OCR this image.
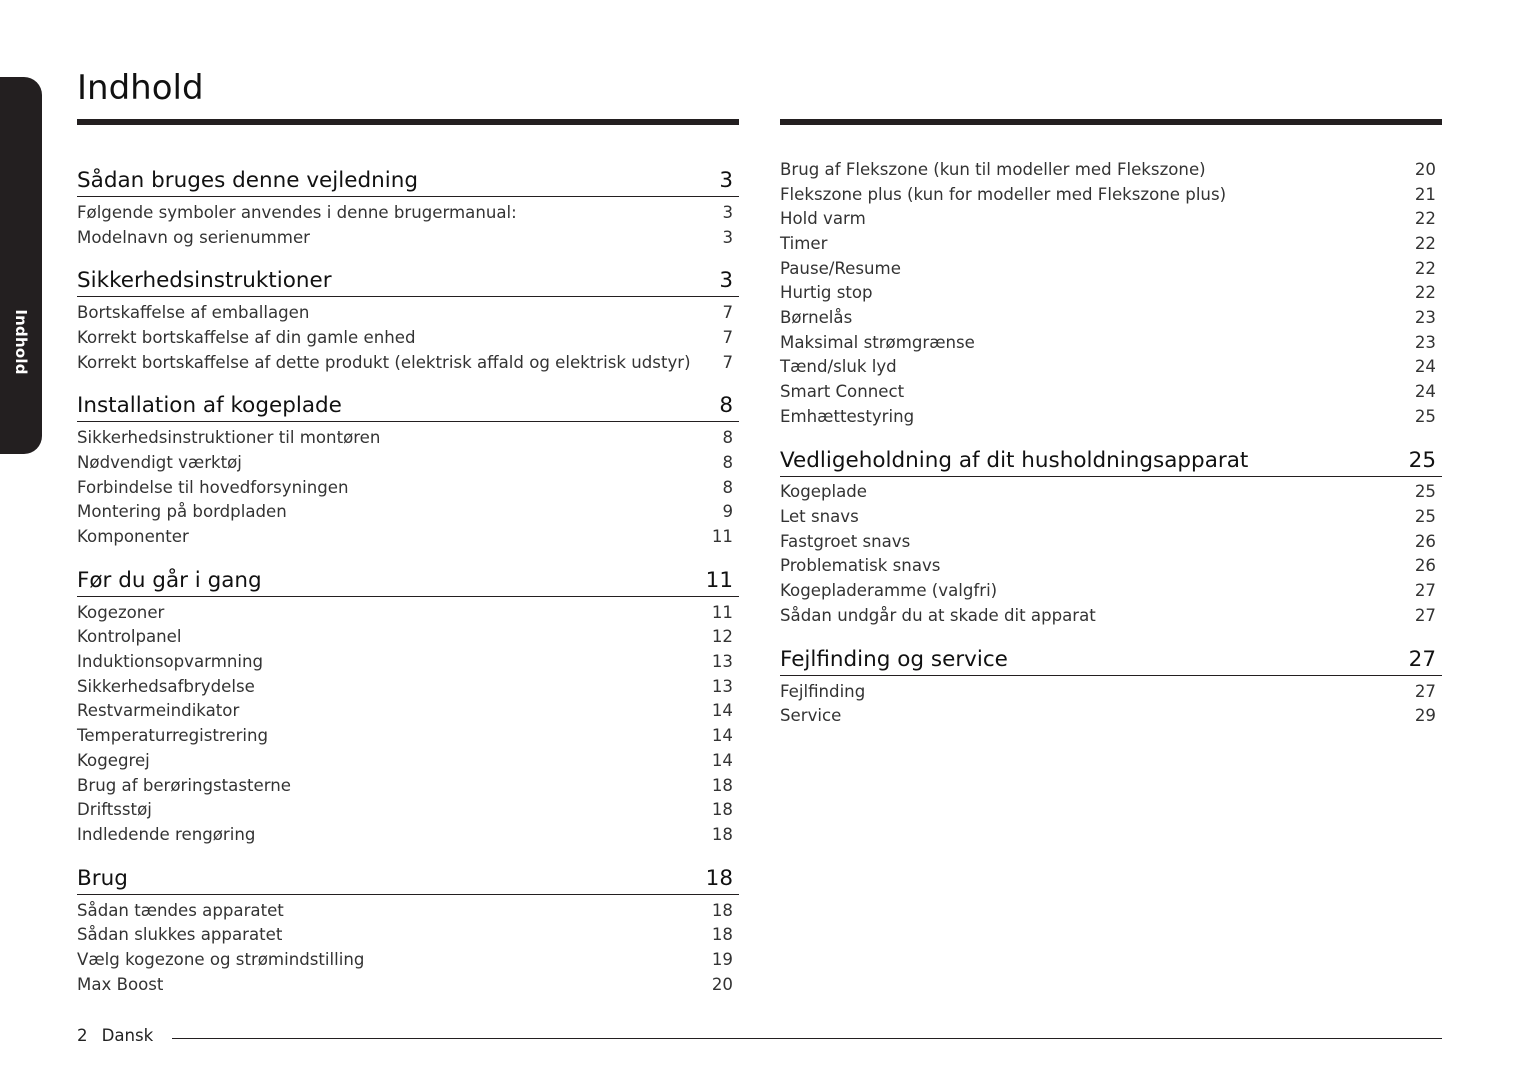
Indhold
Indhold
Sådan bruges denne vejledning	3
Følgende symboler anvendes i denne brugermanual:	3
Modelnavn og serienummer	3
Sikkerhedsinstruktioner	3
Bortskaffelse af emballagen	7
Korrekt bortskaffelse af din gamle enhed	7
Korrekt bortskaffelse af dette produkt (elektrisk affald og elektrisk udstyr) 7
Installation af kogeplade	8
Sikkerhedsinstruktioner til montøren	8
Nødvendigt værktøj	8
Forbindelse til hovedforsyningen	8
Montering på bordpladen	9
Komponenter	11
Før du går i gang	11
Kogezoner	11
Kontrolpanel	12
Induktionsopvarmning	13
Sikkerhedsafbrydelse	13
Restvarmeindikator	14
Temperaturregistrering	14
Kogegrej	14
Brug af berøringstasterne	18
Driftsstøj	18
Indledende rengøring	18
Brug	18
Sådan tændes apparatet	18
Sådan slukkes apparatet	18
Vælg kogezone og strømindstilling	19
Max Boost	20
Brug af Flekszone (kun til modeller med Flekszone)	20
Flekszone plus (kun for modeller med Flekszone plus)	21
Hold varm	22
Timer	22
Pause/Resume	22
Hurtig stop	22
Børnelås	23
Maksimal strømgrænse	23
Tænd/sluk lyd	24
Smart Connect	24
Emhættestyring	25
Vedligeholdning af dit husholdningsapparat	25
Kogeplade	25
Let snavs	25
Fastgroet snavs	26
Problematisk snavs	26
Kogepladeramme (valgfri)	27
Sådan undgår du at skade dit apparat	27
Fejlfinding og service	27
Fejlfinding	27
Service	29
2 Dansk
